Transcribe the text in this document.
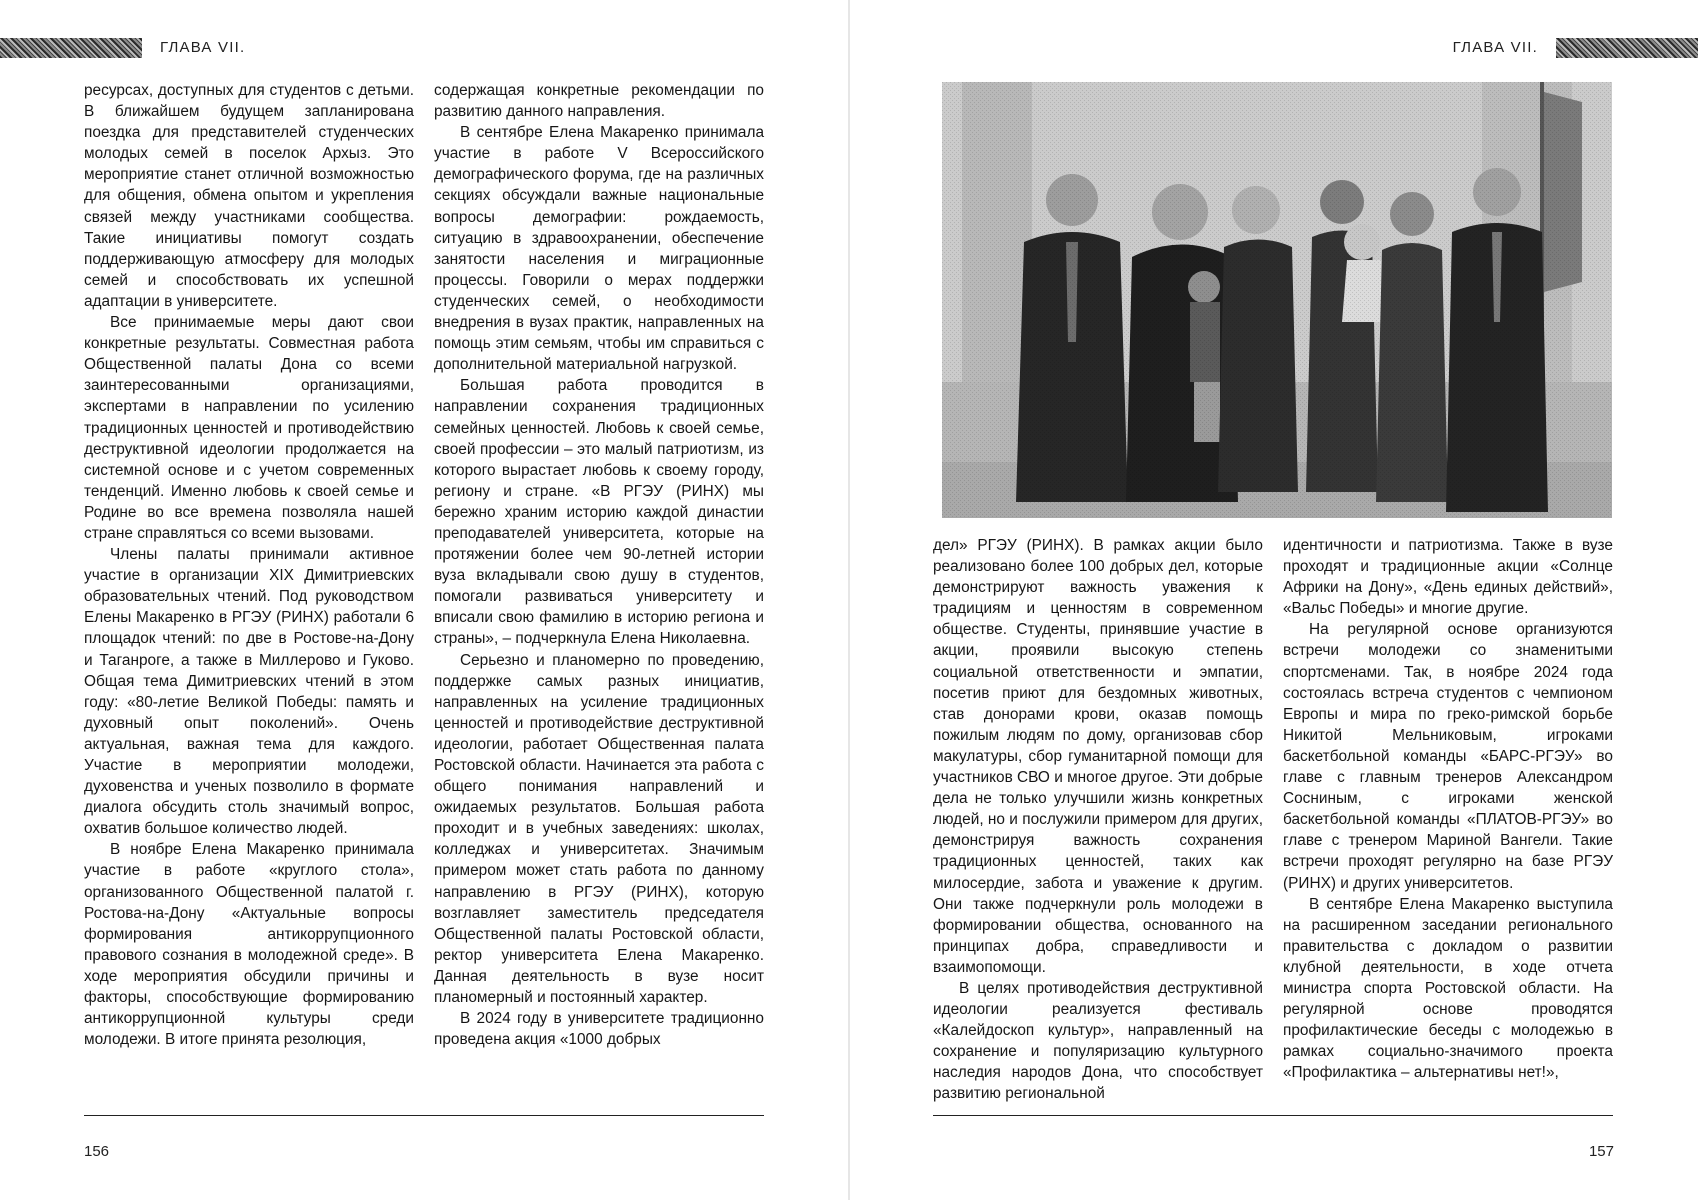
ГЛАВА VII.

ресурсах, доступных для студентов с детьми. В ближайшем будущем запланирована поездка для представителей студенческих молодых семей в поселок Архыз. Это мероприятие станет отличной возможностью для общения, обмена опытом и укрепления связей между участниками сообщества. Такие инициативы помогут создать поддерживающую атмосферу для молодых семей и способствовать их успешной адаптации в университете.

Все принимаемые меры дают свои конкретные результаты. Совместная работа Общественной палаты Дона со всеми заинтересованными организациями, экспертами в направлении по усилению традиционных ценностей и противодействию деструктивной идеологии продолжается на системной основе и с учетом современных тенденций. Именно любовь к своей семье и Родине во все времена позволяла нашей стране справляться со всеми вызовами.

Члены палаты принимали активное участие в организации XIX Димитриевских образовательных чтений. Под руководством Елены Макаренко в РГЭУ (РИНХ) работали 6 площадок чтений: по две в Ростове-на-Дону и Таганроге, а также в Миллерово и Гуково. Общая тема Димитриевских чтений в этом году: «80-летие Великой Победы: память и духовный опыт поколений». Очень актуальная, важная тема для каждого. Участие в мероприятии молодежи, духовенства и ученых позволило в формате диалога обсудить столь значимый вопрос, охватив большое количество людей.

В ноябре Елена Макаренко принимала участие в работе «круглого стола», организованного Общественной палатой г. Ростова-на-Дону «Актуальные вопросы формирования антикоррупционного правового сознания в молодежной среде». В ходе мероприятия обсудили причины и факторы, способствующие формированию антикоррупционной культуры среди молодежи. В итоге принята резолюция,

содержащая конкретные рекомендации по развитию данного направления.

В сентябре Елена Макаренко принимала участие в работе V Всероссийского демографического форума, где на различных секциях обсуждали важные национальные вопросы демографии: рождаемость, ситуацию в здравоохранении, обеспечение занятости населения и миграционные процессы. Говорили о мерах поддержки студенческих семей, о необходимости внедрения в вузах практик, направленных на помощь этим семьям, чтобы им справиться с дополнительной материальной нагрузкой.

Большая работа проводится в направлении сохранения традиционных семейных ценностей. Любовь к своей семье, своей профессии – это малый патриотизм, из которого вырастает любовь к своему городу, региону и стране. «В РГЭУ (РИНХ) мы бережно храним историю каждой династии преподавателей университета, которые на протяжении более чем 90-летней истории вуза вкладывали свою душу в студентов, помогали развиваться университету и вписали свою фамилию в историю региона и страны», – подчеркнула Елена Николаевна.

Серьезно и планомерно по проведению, поддержке самых разных инициатив, направленных на усиление традиционных ценностей и противодействие деструктивной идеологии, работает Общественная палата Ростовской области. Начинается эта работа с общего понимания направлений и ожидаемых результатов. Большая работа проходит и в учебных заведениях: школах, колледжах и университетах. Значимым примером может стать работа по данному направлению в РГЭУ (РИНХ), которую возглавляет заместитель председателя Общественной палаты Ростовской области, ректор университета Елена Макаренко. Данная деятельность в вузе носит планомерный и постоянный характер.

В 2024 году в университете традиционно проведена акция «1000 добрых

156
ГЛАВА VII.

дел» РГЭУ (РИНХ). В рамках акции было реализовано более 100 добрых дел, которые демонстрируют важность уважения к традициям и ценностям в современном обществе. Студенты, принявшие участие в акции, проявили высокую степень социальной ответственности и эмпатии, посетив приют для бездомных животных, став донорами крови, оказав помощь пожилым людям по дому, организовав сбор макулатуры, сбор гуманитарной помощи для участников СВО и многое другое. Эти добрые дела не только улучшили жизнь конкретных людей, но и послужили примером для других, демонстрируя важность сохранения традиционных ценностей, таких как милосердие, забота и уважение к другим. Они также подчеркнули роль молодежи в формировании общества, основанного на принципах добра, справедливости и взаимопомощи.

В целях противодействия деструктивной идеологии реализуется фестиваль «Калейдоскоп культур», направленный на сохранение и популяризацию культурного наследия народов Дона, что способствует развитию региональной

идентичности и патриотизма. Также в вузе проходят и традиционные акции «Солнце Африки на Дону», «День единых действий», «Вальс Победы» и многие другие.

На регулярной основе организуются встречи молодежи со знаменитыми спортсменами. Так, в ноябре 2024 года состоялась встреча студентов с чемпионом Европы и мира по греко-римской борьбе Никитой Мельниковым, игроками баскетбольной команды «БАРС-РГЭУ» во главе с главным тренеров Александром Сосниным, с игроками женской баскетбольной команды «ПЛАТОВ-РГЭУ» во главе с тренером Мариной Вангели. Такие встречи проходят регулярно на базе РГЭУ (РИНХ) и других университетов.

В сентябре Елена Макаренко выступила на расширенном заседании регионального правительства с докладом о развитии клубной деятельности, в ходе отчета министра спорта Ростовской области. На регулярной основе проводятся профилактические беседы с молодежью в рамках социально-значимого проекта «Профилактика – альтернативы нет!»,

157
